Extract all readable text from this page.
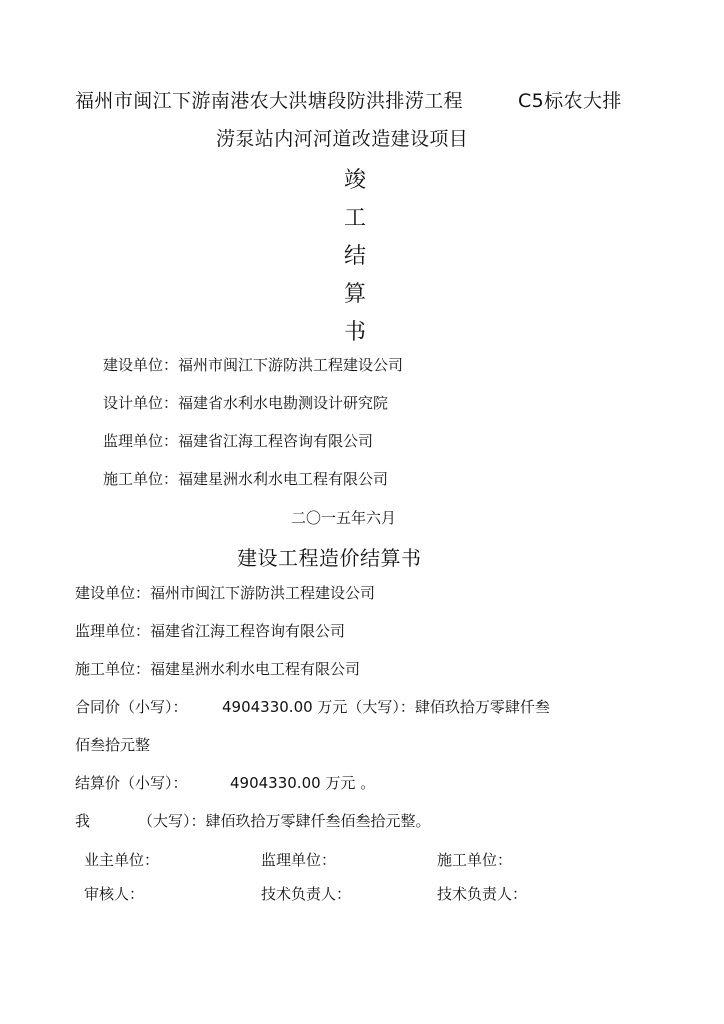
福州市闽江下游南港农大洪塘段防洪排涝工程	C5标农大排
涝泵站内河河道改造建设项目
竣
工
结
算
书
建设单位：福州市闽江下游防洪工程建设公司
设计单位：福建省水利水电勘测设计研究院
监理单位：福建省江海工程咨询有限公司
施工单位：福建星洲水利水电工程有限公司
二〇一五年六月
建设工程造价结算书
建设单位：福州市闽江下游防洪工程建设公司
监理单位：福建省江海工程咨询有限公司
施工单位：福建星洲水利水电工程有限公司
合同价（小写）： 4904330.00 万元（大写）：肆佰玖拾万零肆仟叁
佰叁拾元整
结算价（小写）：	4904330.00 万元 。
我	（大写）：肆佰玖拾万零肆仟叁佰叁拾元整。
业主单位：	监理单位：	施工单位：
审核人：	技术负责人：	技术负责人：
